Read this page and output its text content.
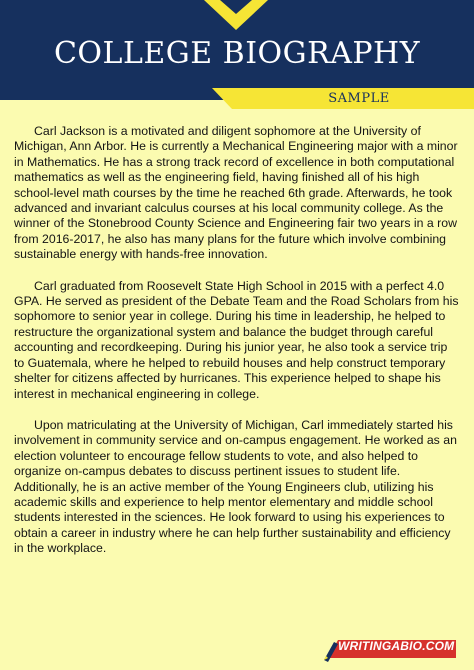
COLLEGE BIOGRAPHY
SAMPLE

Carl Jackson is a motivated and diligent sophomore at the University of Michigan, Ann Arbor. He is currently a Mechanical Engineering major with a minor in Mathematics. He has a strong track record of excellence in both computational mathematics as well as the engineering field, having finished all of his high school-level math courses by the time he reached 6th grade. Afterwards, he took advanced and invariant calculus courses at his local community college. As the winner of the Stonebrood County Science and Engineering fair two years in a row from 2016-2017, he also has many plans for the future which involve combining sustainable energy with hands-free innovation.

Carl graduated from Roosevelt State High School in 2015 with a perfect 4.0 GPA. He served as president of the Debate Team and the Road Scholars from his sophomore to senior year in college. During his time in leadership, he helped to restructure the organizational system and balance the budget through careful accounting and recordkeeping. During his junior year, he also took a service trip to Guatemala, where he helped to rebuild houses and help construct temporary shelter for citizens affected by hurricanes. This experience helped to shape his interest in mechanical engineering in college.

Upon matriculating at the University of Michigan, Carl immediately started his involvement in community service and on-campus engagement. He worked as an election volunteer to encourage fellow students to vote, and also helped to organize on-campus debates to discuss pertinent issues to student life. Additionally, he is an active member of the Young Engineers club, utilizing his academic skills and experience to help mentor elementary and middle school students interested in the sciences. He look forward to using his experiences to obtain a career in industry where he can help further sustainability and efficiency in the workplace.

WRITINGABIO.COM
